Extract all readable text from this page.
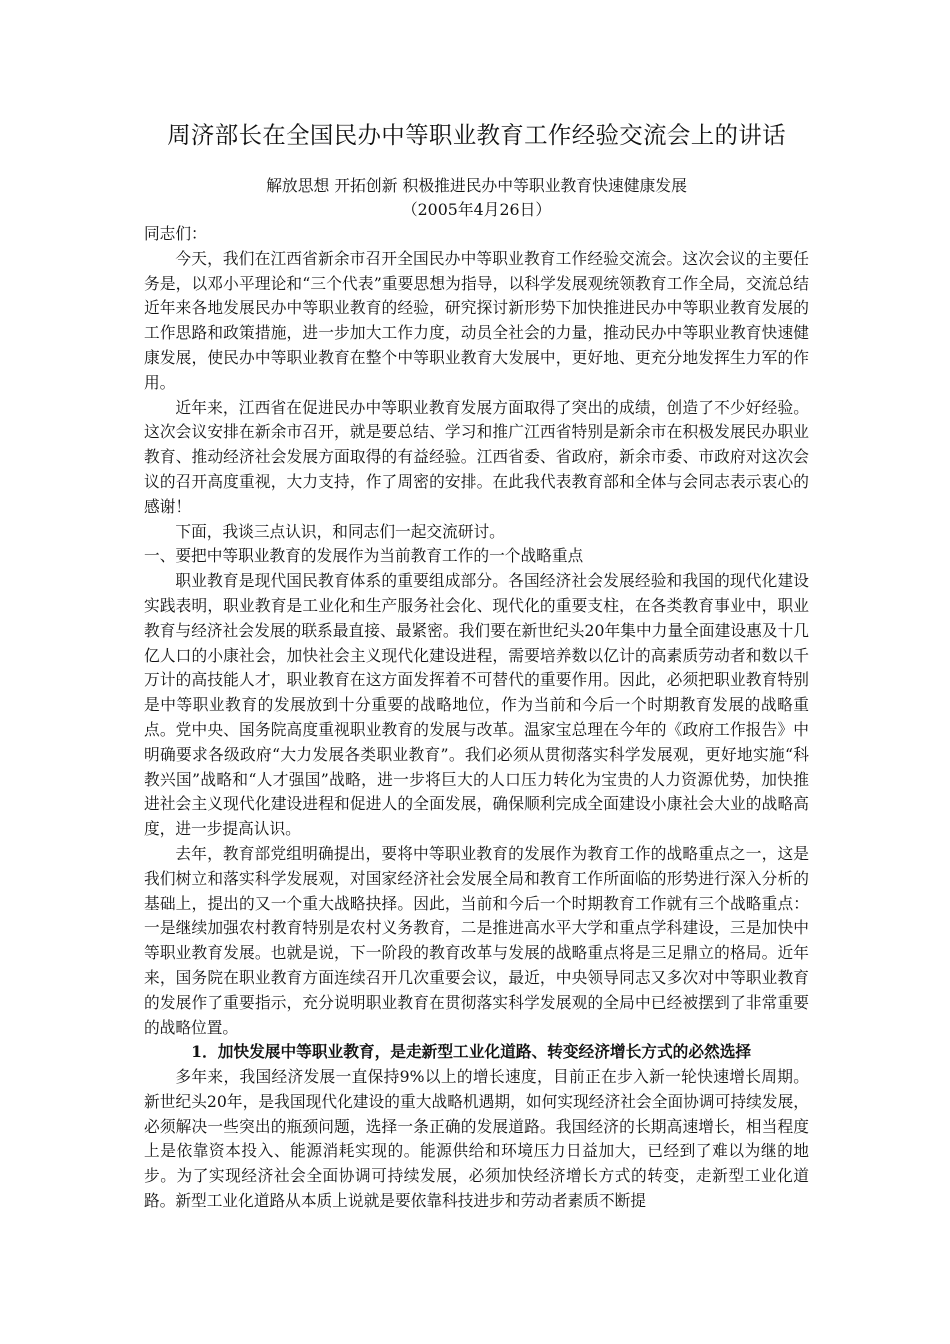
周济部长在全国民办中等职业教育工作经验交流会上的讲话

解放思想 开拓创新 积极推进民办中等职业教育快速健康发展

（2005年4月26日）

同志们：

今天，我们在江西省新余市召开全国民办中等职业教育工作经验交流会。这次会议的主要任务是，以邓小平理论和“三个代表”重要思想为指导，以科学发展观统领教育工作全局，交流总结近年来各地发展民办中等职业教育的经验，研究探讨新形势下加快推进民办中等职业教育发展的工作思路和政策措施，进一步加大工作力度，动员全社会的力量，推动民办中等职业教育快速健康发展，使民办中等职业教育在整个中等职业教育大发展中，更好地、更充分地发挥生力军的作用。

近年来，江西省在促进民办中等职业教育发展方面取得了突出的成绩，创造了不少好经验。这次会议安排在新余市召开，就是要总结、学习和推广江西省特别是新余市在积极发展民办职业教育、推动经济社会发展方面取得的有益经验。江西省委、省政府，新余市委、市政府对这次会议的召开高度重视，大力支持，作了周密的安排。在此我代表教育部和全体与会同志表示衷心的感谢！

下面，我谈三点认识，和同志们一起交流研讨。

一、要把中等职业教育的发展作为当前教育工作的一个战略重点

职业教育是现代国民教育体系的重要组成部分。各国经济社会发展经验和我国的现代化建设实践表明，职业教育是工业化和生产服务社会化、现代化的重要支柱，在各类教育事业中，职业教育与经济社会发展的联系最直接、最紧密。我们要在新世纪头20年集中力量全面建设惠及十几亿人口的小康社会，加快社会主义现代化建设进程，需要培养数以亿计的高素质劳动者和数以千万计的高技能人才，职业教育在这方面发挥着不可替代的重要作用。因此，必须把职业教育特别是中等职业教育的发展放到十分重要的战略地位，作为当前和今后一个时期教育发展的战略重点。党中央、国务院高度重视职业教育的发展与改革。温家宝总理在今年的《政府工作报告》中明确要求各级政府“大力发展各类职业教育”。我们必须从贯彻落实科学发展观，更好地实施“科教兴国”战略和“人才强国”战略，进一步将巨大的人口压力转化为宝贵的人力资源优势，加快推进社会主义现代化建设进程和促进人的全面发展，确保顺利完成全面建设小康社会大业的战略高度，进一步提高认识。

去年，教育部党组明确提出，要将中等职业教育的发展作为教育工作的战略重点之一，这是我们树立和落实科学发展观，对国家经济社会发展全局和教育工作所面临的形势进行深入分析的基础上，提出的又一个重大战略抉择。因此，当前和今后一个时期教育工作就有三个战略重点：一是继续加强农村教育特别是农村义务教育，二是推进高水平大学和重点学科建设，三是加快中等职业教育发展。也就是说，下一阶段的教育改革与发展的战略重点将是三足鼎立的格局。近年来，国务院在职业教育方面连续召开几次重要会议，最近，中央领导同志又多次对中等职业教育的发展作了重要指示，充分说明职业教育在贯彻落实科学发展观的全局中已经被摆到了非常重要的战略位置。

1．加快发展中等职业教育，是走新型工业化道路、转变经济增长方式的必然选择

多年来，我国经济发展一直保持9%以上的增长速度，目前正在步入新一轮快速增长周期。新世纪头20年，是我国现代化建设的重大战略机遇期，如何实现经济社会全面协调可持续发展，必须解决一些突出的瓶颈问题，选择一条正确的发展道路。我国经济的长期高速增长，相当程度上是依靠资本投入、能源消耗实现的。能源供给和环境压力日益加大，已经到了难以为继的地步。为了实现经济社会全面协调可持续发展，必须加快经济增长方式的转变，走新型工业化道路。新型工业化道路从本质上说就是要依靠科技进步和劳动者素质不断提
